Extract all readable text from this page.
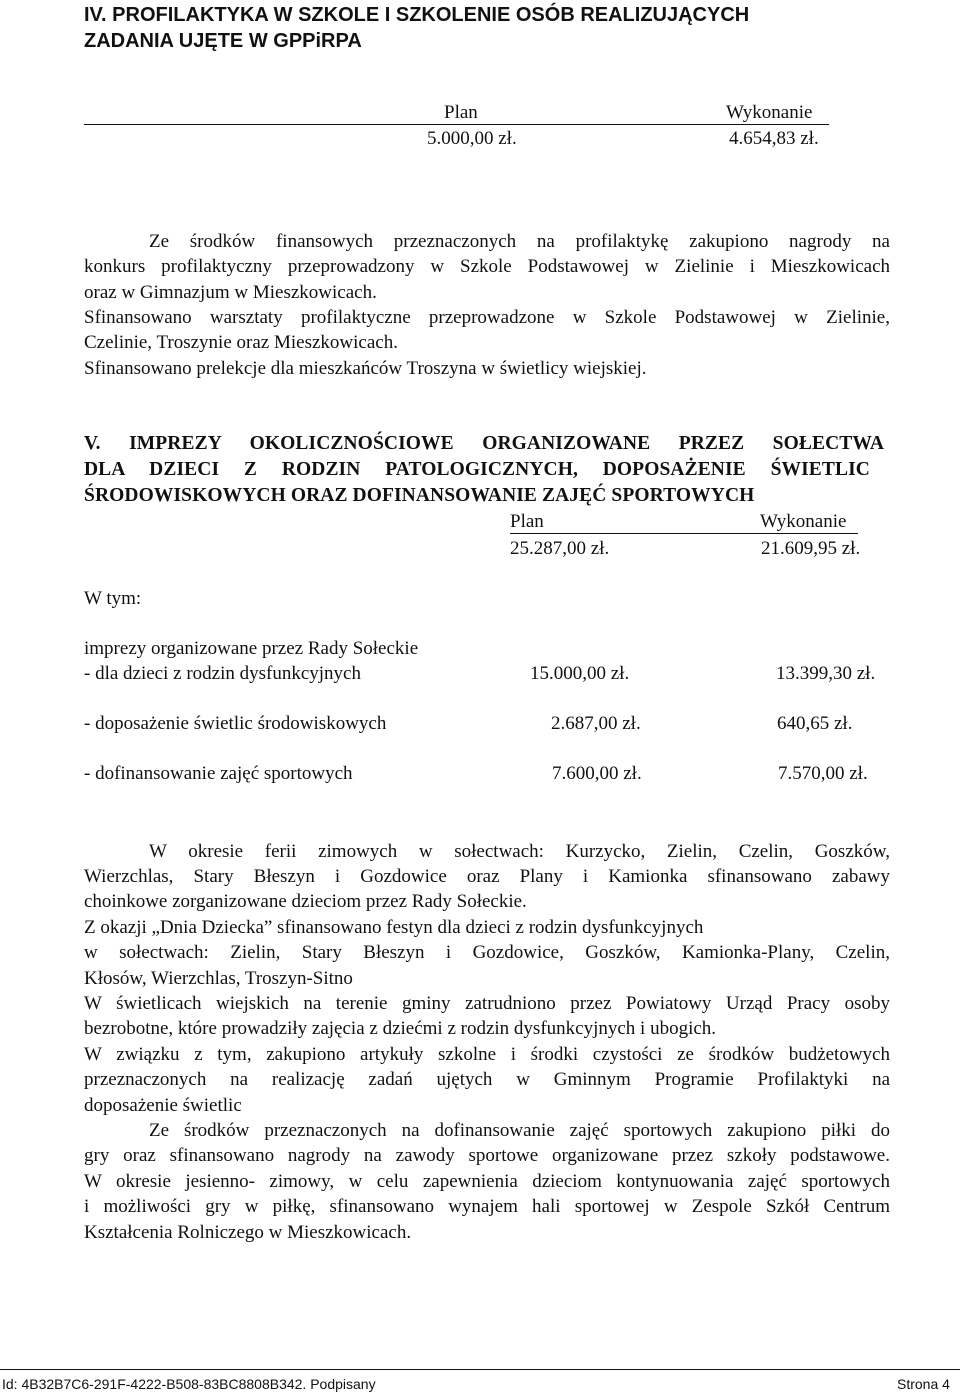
IV. PROFILAKTYKA W SZKOLE I SZKOLENIE OSÓB REALIZUJĄCYCH
ZADANIA UJĘTE W GPPiRPA
Plan	Wykonanie
5.000,00 zł.	4.654,83 zł.
Ze środków finansowych przeznaczonych na profilaktykę zakupiono nagrody na
konkurs profilaktyczny przeprowadzony w Szkole Podstawowej w Zielinie i Mieszkowicach
oraz w Gimnazjum w Mieszkowicach.
Sfinansowano warsztaty profilaktyczne przeprowadzone w Szkole Podstawowej w Zielinie,
Czelinie, Troszynie oraz Mieszkowicach.
Sfinansowano prelekcje dla mieszkańców Troszyna w świetlicy wiejskiej.
V. IMPREZY OKOLICZNOŚCIOWE ORGANIZOWANE PRZEZ SOŁECTWA
DLA DZIECI Z RODZIN PATOLOGICZNYCH, DOPOSAŻENIE ŚWIETLIC
ŚRODOWISKOWYCH ORAZ DOFINANSOWANIE ZAJĘĆ SPORTOWYCH
Plan	Wykonanie
25.287,00 zł.	21.609,95 zł.
W tym:
imprezy organizowane przez Rady Sołeckie
- dla dzieci z rodzin dysfunkcyjnych	15.000,00 zł.	13.399,30 zł.
- doposażenie świetlic środowiskowych	2.687,00 zł.	640,65 zł.
- dofinansowanie zajęć sportowych	7.600,00 zł.	7.570,00 zł.
W okresie ferii zimowych w sołectwach: Kurzycko, Zielin, Czelin, Goszków,
Wierzchlas, Stary Błeszyn i Gozdowice oraz Plany i Kamionka sfinansowano zabawy
choinkowe zorganizowane dzieciom przez Rady Sołeckie.
Z okazji „Dnia Dziecka” sfinansowano festyn dla dzieci z rodzin dysfunkcyjnych
w sołectwach: Zielin, Stary Błeszyn i Gozdowice, Goszków, Kamionka-Plany, Czelin,
Kłosów, Wierzchlas, Troszyn-Sitno
W świetlicach wiejskich na terenie gminy zatrudniono przez Powiatowy Urząd Pracy osoby
bezrobotne, które prowadziły zajęcia z dziećmi z rodzin dysfunkcyjnych i ubogich.
W związku z tym, zakupiono artykuły szkolne i środki czystości ze środków budżetowych
przeznaczonych na realizację zadań ujętych w Gminnym Programie Profilaktyki na
doposażenie świetlic
Ze środków przeznaczonych na dofinansowanie zajęć sportowych zakupiono piłki do
gry oraz sfinansowano nagrody na zawody sportowe organizowane przez szkoły podstawowe.
W okresie jesienno- zimowy, w celu zapewnienia dzieciom kontynuowania zajęć sportowych
i możliwości gry w piłkę, sfinansowano wynajem hali sportowej w Zespole Szkół Centrum
Kształcenia Rolniczego w Mieszkowicach.
Id: 4B32B7C6-291F-4222-B508-83BC8808B342. Podpisany	Strona 4
